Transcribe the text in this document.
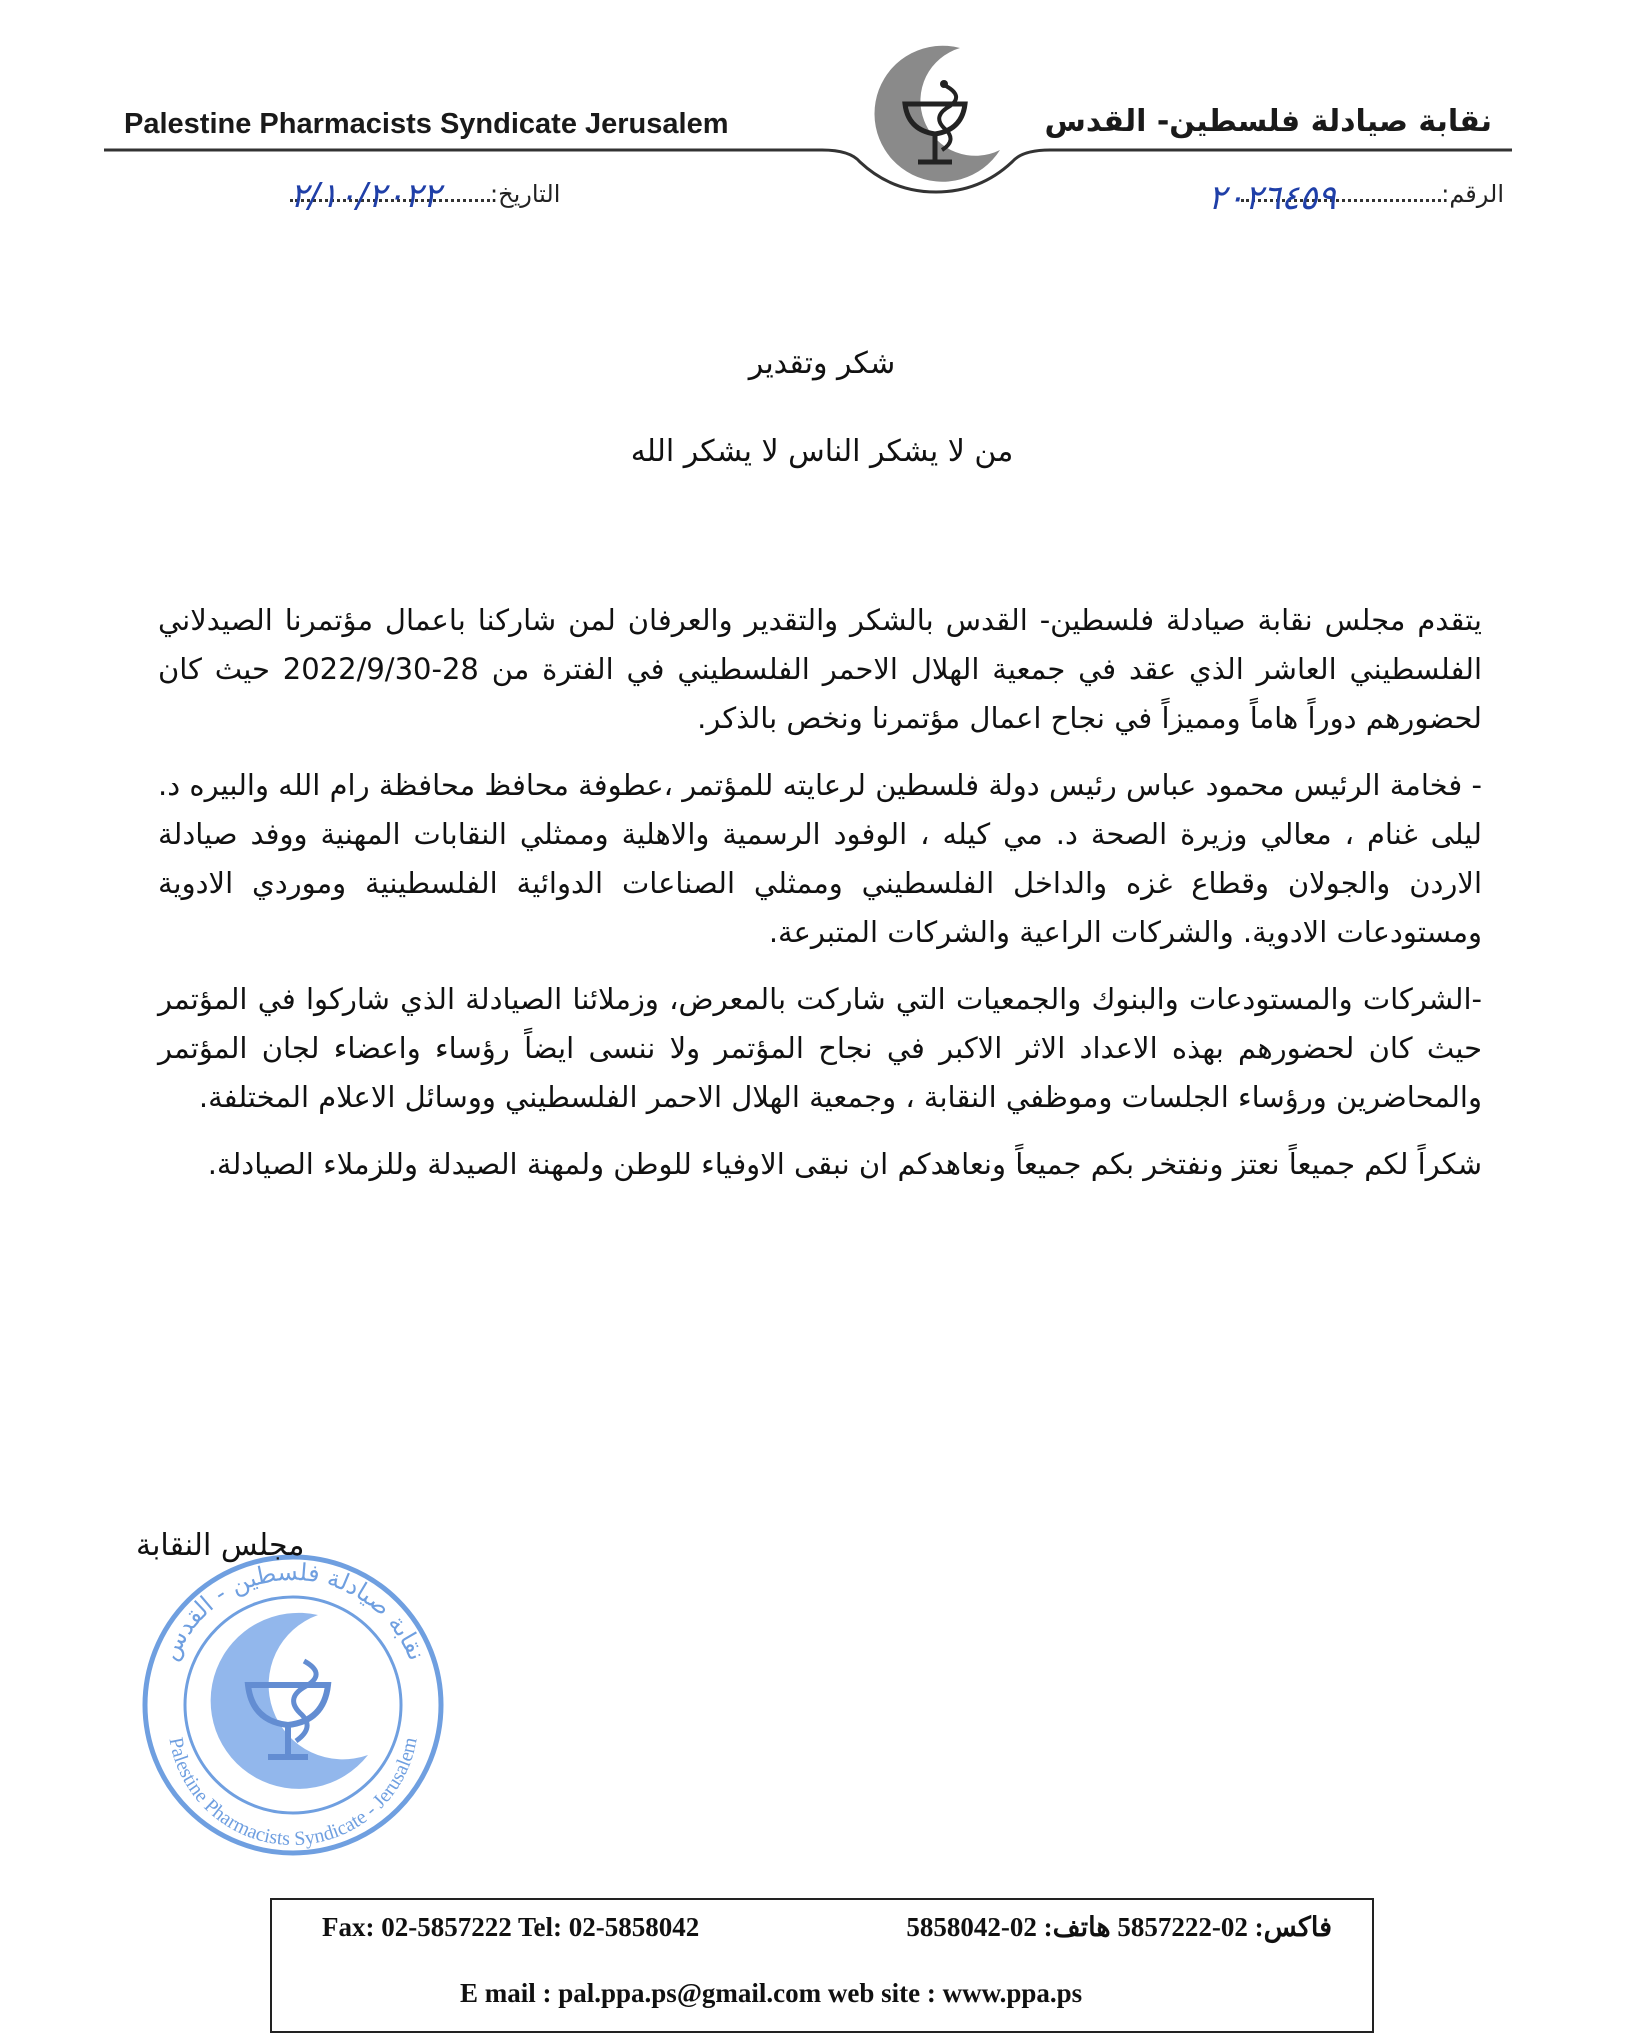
Palestine Pharmacists Syndicate Jerusalem	نقابة صيادلة فلسطين- القدس
الرقم:
٢٠٢٦٤٥٩
التاريخ:
٢/١٠/٢٠٢٢
شكر وتقدير
من لا يشكر الناس لا يشكر الله

يتقدم مجلس نقابة صيادلة فلسطين- القدس بالشكر والتقدير والعرفان لمن شاركنا باعمال مؤتمرنا الصيدلاني الفلسطيني العاشر الذي عقد في جمعية الهلال الاحمر الفلسطيني في الفترة من 28-2022/9/30 حيث كان لحضورهم دوراً هاماً ومميزاً في نجاح اعمال مؤتمرنا ونخص بالذكر.

- فخامة الرئيس محمود عباس رئيس دولة فلسطين لرعايته للمؤتمر ،عطوفة محافظ محافظة رام الله والبيره د. ليلى غنام ، معالي وزيرة الصحة د. مي كيله ، الوفود الرسمية والاهلية وممثلي النقابات المهنية ووفد صيادلة الاردن والجولان وقطاع غزه والداخل الفلسطيني وممثلي الصناعات الدوائية الفلسطينية وموردي الادوية ومستودعات الادوية. والشركات الراعية والشركات المتبرعة.

-الشركات والمستودعات والبنوك والجمعيات التي شاركت بالمعرض، وزملائنا الصيادلة الذي شاركوا في المؤتمر حيث كان لحضورهم بهذه الاعداد الاثر الاكبر في نجاح المؤتمر ولا ننسى ايضاً رؤساء واعضاء لجان المؤتمر والمحاضرين ورؤساء الجلسات وموظفي النقابة ، وجمعية الهلال الاحمر الفلسطيني ووسائل الاعلام المختلفة.

شكراً لكم جميعاً نعتز ونفتخر بكم جميعاً ونعاهدكم ان نبقى الاوفياء للوطن ولمهنة الصيدلة وللزملاء الصيادلة.

نقابة صيادلة فلسطين - القدس
Palestine Pharmacists Syndicate - Jerusalem
مجلس النقابة
Fax: 02-5857222 Tel: 02-5858042	فاكس: 02-5857222 هاتف: 02-5858042
E mail : pal.ppa.ps@gmail.com web site : www.ppa.ps
